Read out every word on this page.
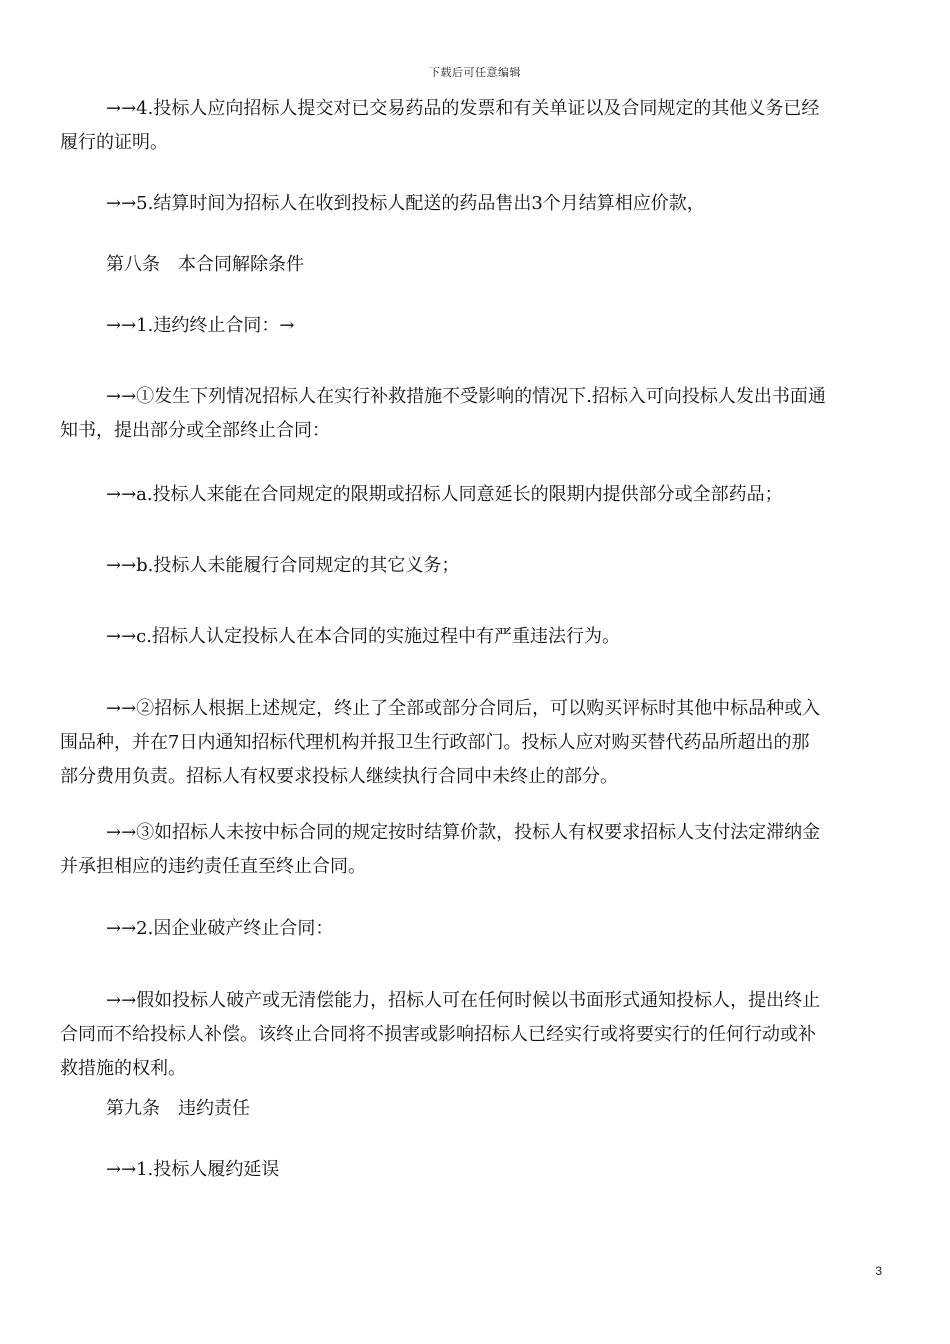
下载后可任意编辑
→→4.投标人应向招标人提交对已交易药品的发票和有关单证以及合同规定的其他义务已经
履行的证明。
→→5.结算时间为招标人在收到投标人配送的药品售出3个月结算相应价款，
第八条　本合同解除条件
→→1.违约终止合同：→
→→①发生下列情况招标人在实行补救措施不受影响的情况下.招标入可向投标人发出书面通
知书，提出部分或全部终止合同：
→→a.投标人来能在合同规定的限期或招标人同意延长的限期内提供部分或全部药品；
→→b.投标人未能履行合同规定的其它义务；
→→c.招标人认定投标人在本合同的实施过程中有严重违法行为。
→→②招标人根据上述规定，终止了全部或部分合同后，可以购买评标时其他中标品种或入
围品种，并在7日内通知招标代理机构并报卫生行政部门。投标人应对购买替代药品所超出的那
部分费用负责。招标人有权要求投标人继续执行合同中未终止的部分。
→→③如招标人未按中标合同的规定按时结算价款，投标人有权要求招标人支付法定滞纳金
并承担相应的违约责任直至终止合同。
→→2.因企业破产终止合同：
→→假如投标人破产或无清偿能力，招标人可在任何时候以书面形式通知投标人，提出终止
合同而不给投标人补偿。该终止合同将不损害或影响招标人已经实行或将要实行的任何行动或补
救措施的权利。
第九条　违约责任
→→1.投标人履约延误
3
